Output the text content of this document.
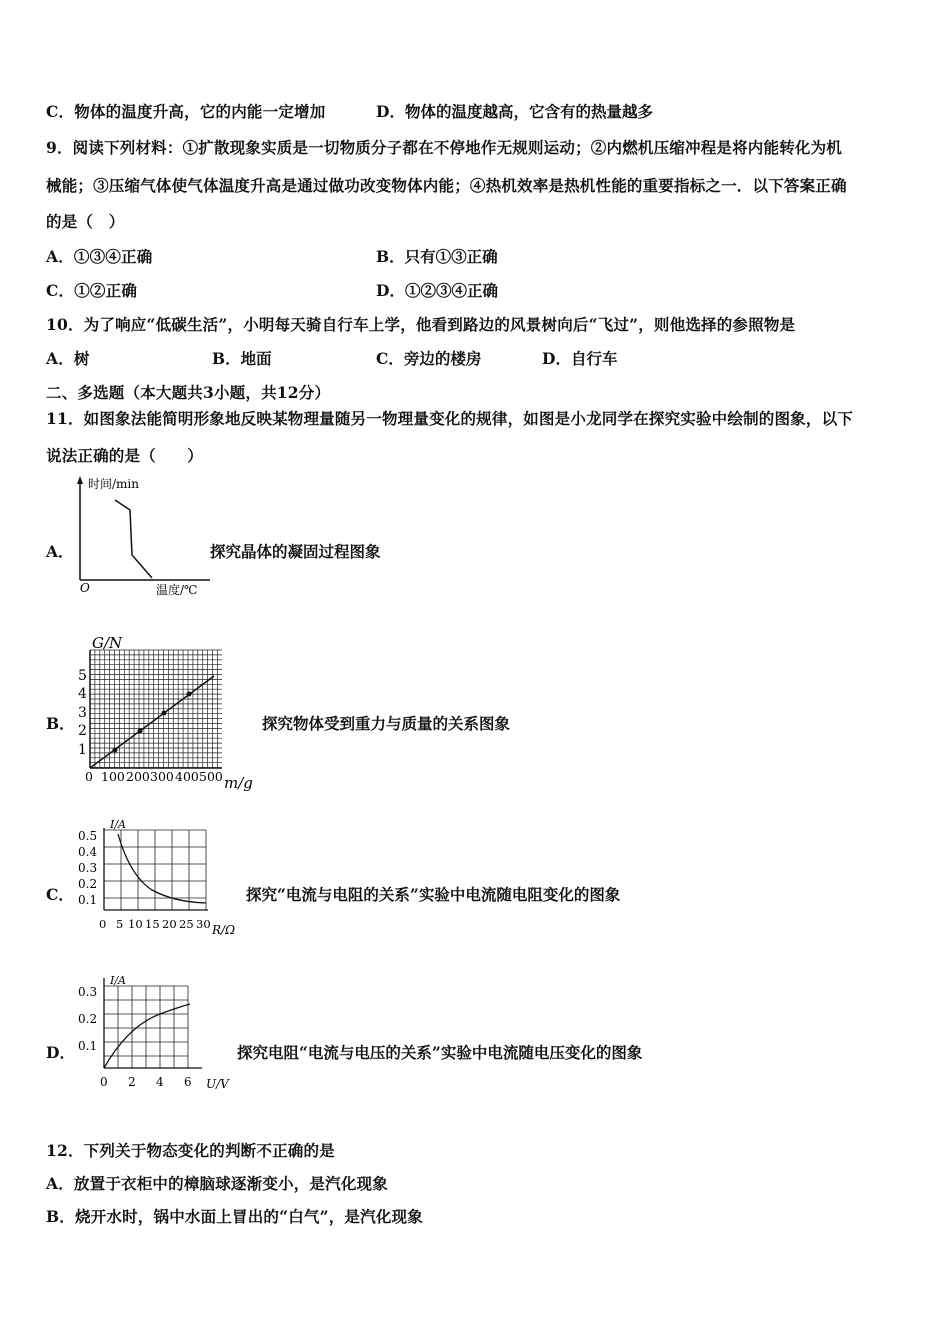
C．物体的温度升高，它的内能一定增加	D．物体的温度越高，它含有的热量越多
9．阅读下列材料：①扩散现象实质是一切物质分子都在不停地作无规则运动；②内燃机压缩冲程是将内能转化为机
械能；③压缩气体使气体温度升高是通过做功改变物体内能；④热机效率是热机性能的重要指标之一．以下答案正确
的是（　）
A．①③④正确	B．只有①③正确
C．①②正确	D．①②③④正确
10．为了响应“低碳生活”，小明每天骑自行车上学，他看到路边的风景树向后“飞过”，则他选择的参照物是
A．树	B．地面	C．旁边的楼房	D．自行车
二、多选题（本大题共3小题，共12分）
11．如图象法能简明形象地反映某物理量随另一物理量变化的规律，如图是小龙同学在探究实验中绘制的图象，以下
说法正确的是（　　）
A．
时间/min
O	温度/℃
探究晶体的凝固过程图象
B．
G/N
5
4
3
2
1
0 100 200 300 400 500 m/g
探究物体受到重力与质量的关系图象
C．
I/A
0.5
0.4
0.3
0.2
0.1
0 5 10 15 20 25 30 R/Ω
探究“电流与电阻的关系”实验中电流随电阻变化的图象
D．
I/A
0.3
0.2
0.1
0 2 4 6 U/V
探究电阻“电流与电压的关系”实验中电流随电压变化的图象
12．下列关于物态变化的判断不正确的是
A．放置于衣柜中的樟脑球逐渐变小，是汽化现象
B．烧开水时，锅中水面上冒出的“白气”，是汽化现象
